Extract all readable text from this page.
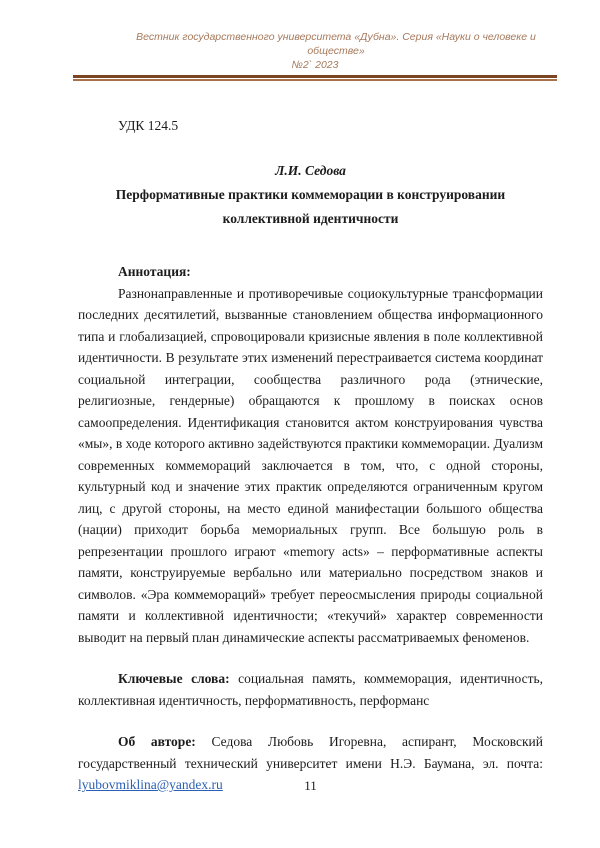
Вестник государственного университета «Дубна». Серия «Науки о человеке и обществе»
№2` 2023
УДК 124.5
Л.И. Седова
Перформативные практики коммеморации в конструировании коллективной идентичности
Аннотация:

Разнонаправленные и противоречивые социокультурные трансформации последних десятилетий, вызванные становлением общества информационного типа и глобализацией, спровоцировали кризисные явления в поле коллективной идентичности. В результате этих изменений перестраивается система координат социальной интеграции, сообщества различного рода (этнические, религиозные, гендерные) обращаются к прошлому в поисках основ самоопределения. Идентификация становится актом конструирования чувства «мы», в ходе которого активно задействуются практики коммеморации. Дуализм современных коммемораций заключается в том, что, с одной стороны, культурный код и значение этих практик определяются ограниченным кругом лиц, с другой стороны, на место единой манифестации большого общества (нации) приходит борьба мемориальных групп. Все большую роль в репрезентации прошлого играют «memory acts» – перформативные аспекты памяти, конструируемые вербально или материально посредством знаков и символов. «Эра коммемораций» требует переосмысления природы социальной памяти и коллективной идентичности; «текучий» характер современности выводит на первый план динамические аспекты рассматриваемых феноменов.

Ключевые слова: социальная память, коммеморация, идентичность, коллективная идентичность, перформативность, перформанс

Об авторе: Седова Любовь Игоревна, аспирант, Московский государственный технический университет имени Н.Э. Баумана, эл. почта: lyubovmiklina@yandex.ru	11
